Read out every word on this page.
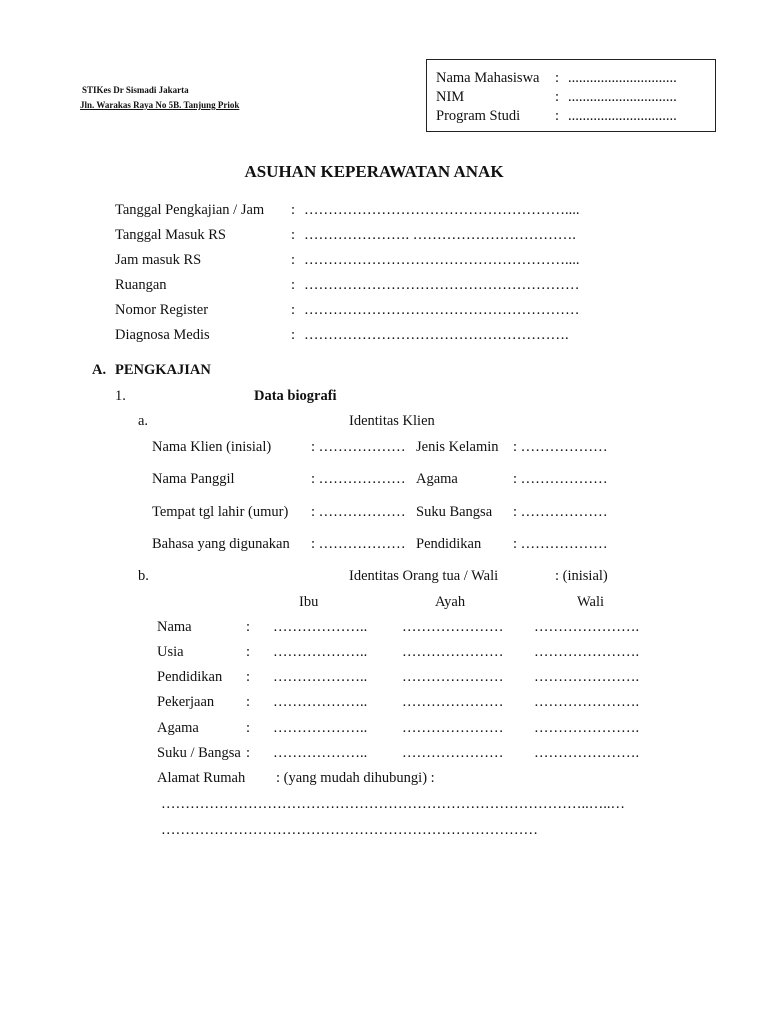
STIKes Dr Sismadi Jakarta
Jln. Warakas Raya No 5B. Tanjung Priok
Nama Mahasiswa : ..............................
NIM	: ..............................
Program Studi : ..............................
ASUHAN KEPERAWATAN ANAK
Tanggal Pengkajian / Jam : ………………………………………………....
Tanggal Masuk RS	: …………………. …………………………….
Jam masuk RS	: ………………………………………………....
Ruangan	: …………………………………………………
Nomor Register	: …………………………………………………
Diagnosa Medis	: ……………………………………………….
A. PENGKAJIAN
1.	Data biografi
a.	Identitas Klien
Nama Klien (inisial)	: ……………… Jenis Kelamin : ………………
Nama Panggil	: ……………… Agama	: ………………
Tempat tgl lahir (umur) : ……………… Suku Bangsa : ………………
Bahasa yang digunakan : ……………… Pendidikan : ………………
b.	Identitas Orang tua / Wali	: (inisial)
Ibu	Ayah	Wali
Nama	: ……………….. ………………… ………………….
Usia	: ……………….. ………………… ………………….
Pendidikan : ……………….. ………………… ………………….
Pekerjaan : ……………….. ………………… ………………….
Agama	: ……………….. ………………… ………………….
Suku / Bangsa : ……………….. ………………… ………………….
Alamat Rumah : (yang mudah dihubungi) :
……………………………………………………………………………..…..…
……………………………………………………………………
